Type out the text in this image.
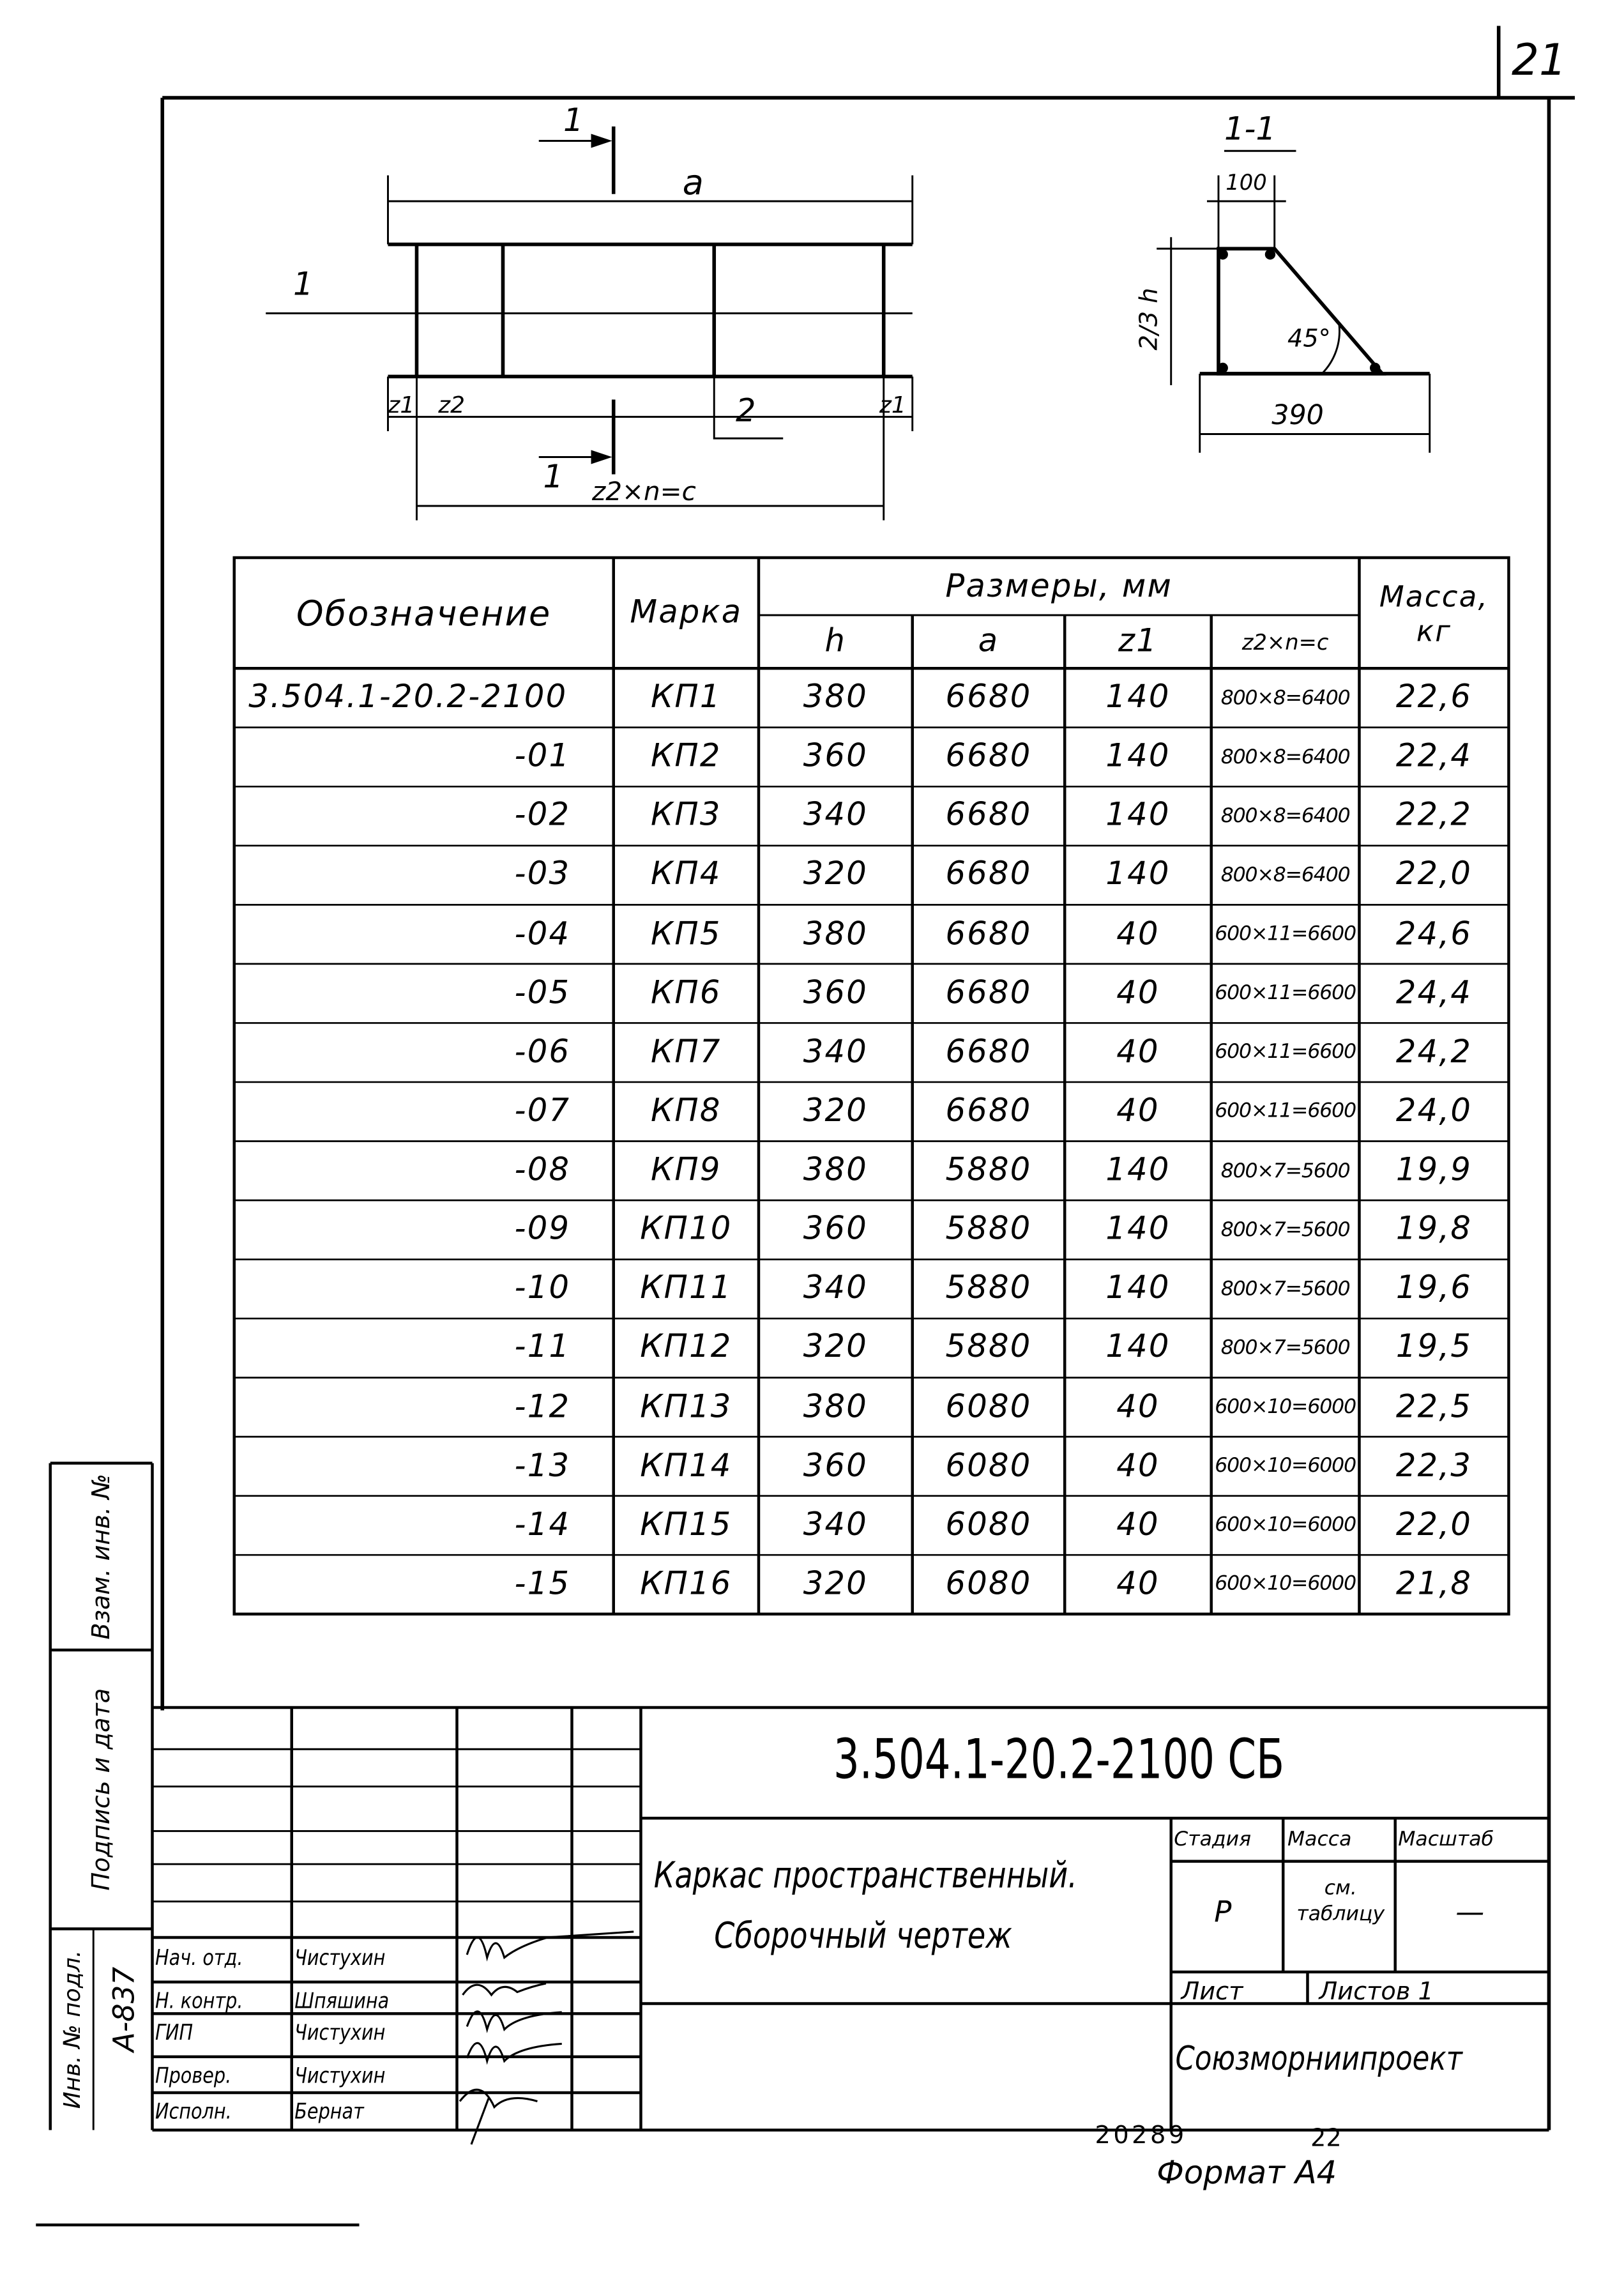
21
a
1
1
1
2
z1 z2	z1
z2×n=c
1-1
100
2/3 h	45°
390
Обозначение	Марка
Размеры, мм
h	a	z1	z2×n=c
Масса, кг
3.504.1-20.2-2100	КП1	380	6680	140	800×8=6400	22,6
-01	КП2	360	6680	140	800×8=6400	22,4
-02	КП3	340	6680	140	800×8=6400	22,2
-03	КП4	320	6680	140	800×8=6400	22,0
-04	КП5	380	6680	40	600×11=6600	24,6
-05	КП6	360	6680	40	600×11=6600	24,4
-06	КП7	340	6680	40	600×11=6600	24,2
-07	КП8	320	6680	40	600×11=6600	24,0
-08	КП9	380	5880	140	800×7=5600	19,9
-09	КП10	360	5880	140	800×7=5600	19,8
-10	КП11	340	5880	140	800×7=5600	19,6
-11	КП12	320	5880	140	800×7=5600	19,5
-12	КП13	380	6080	40	600×10=6000	22,5
-13	КП14	360	6080	40	600×10=6000	22,3
-14	КП15	340	6080	40	600×10=6000	22,0
-15	КП16	320	6080	40	600×10=6000	21,8
3.504.1-20.2-2100 СБ
Каркас пространственный.
Сборочный чертеж
Стадия	Масса	Масштаб
Р
см. таблицу	—
Лист	Листов 1
Союзморниипроект
Нач. отд.	Чистухин
Н. контр.	Шпяшина
ГИП	Чистухин
Провер.	Чистухин
Исполн.	Бернат
Взам. инв. №
Подпись и дата
Инв. № подл. А-837
20289	22
Формат А4
